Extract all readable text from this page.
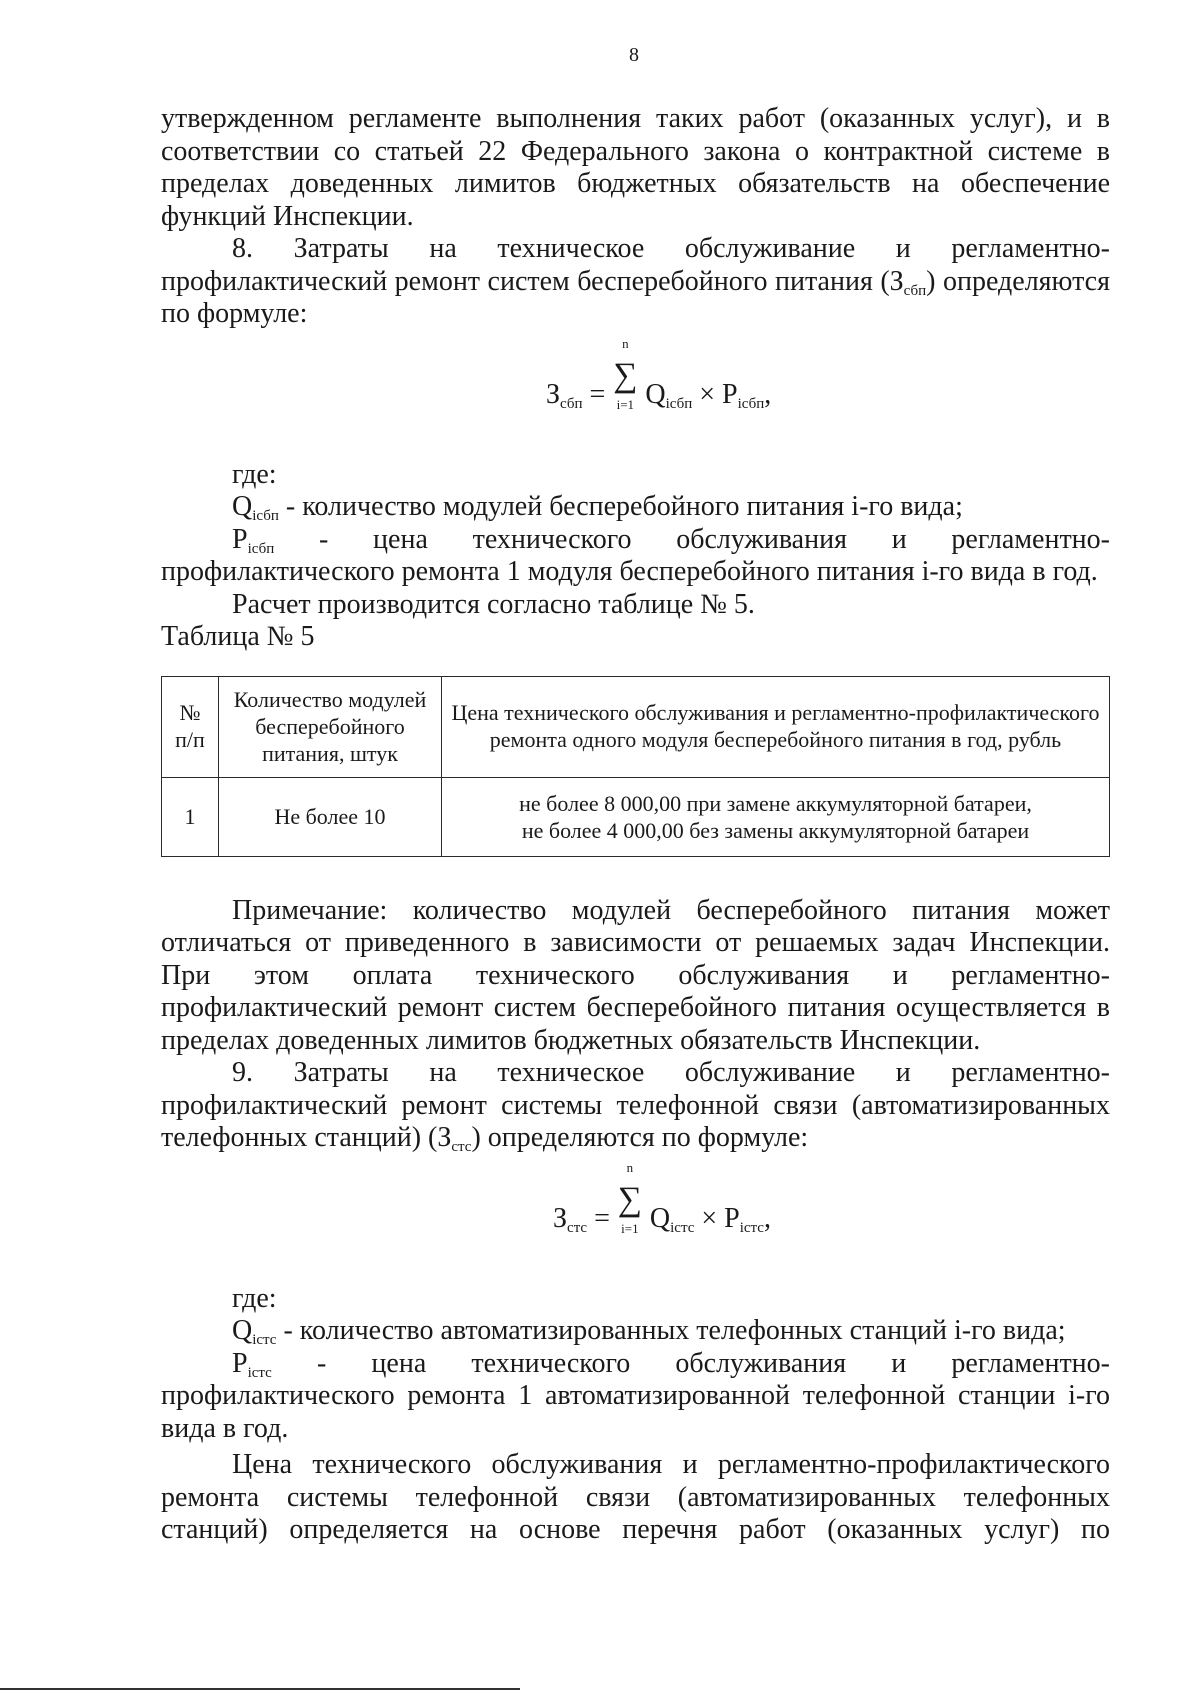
8

утвержденном регламенте выполнения таких работ (оказанных услуг), и в соответствии со статьей 22 Федерального закона о контрактной системе в пределах доведенных лимитов бюджетных обязательств на обеспечение функций Инспекции.

8. Затраты на техническое обслуживание и регламентно-профилактический ремонт систем бесперебойного питания $(З_{сбп})$ определяются по формуле:

$З_{сбп}$ =
n
∑
i=1 $Q_{iсбп} \times P_{iсбп}$,

где:

$Q_{iсбп}$ - количество модулей бесперебойного питания i-го вида;

$P_{iсбп}$ - цена технического обслуживания и регламентно-профилактического ремонта 1 модуля бесперебойного питания i-го вида в год.

Расчет производится согласно таблице № 5.

Таблица № 5

№ п/п	Количество модулей бесперебойного питания, штук	Цена технического обслуживания и регламентно-профилактического ремонта одного модуля бесперебойного питания в год, рубль
1	Не более 10	не более 8 000,00 при замене аккумуляторной батареи,
не более 4 000,00 без замены аккумуляторной батареи

Примечание: количество модулей бесперебойного питания может отличаться от приведенного в зависимости от решаемых задач Инспекции. При этом оплата технического обслуживания и регламентно-профилактический ремонт систем бесперебойного питания осуществляется в пределах доведенных лимитов бюджетных обязательств Инспекции.

9. Затраты на техническое обслуживание и регламентно-профилактический ремонт системы телефонной связи (автоматизированных телефонных станций) $(З_{стс})$ определяются по формуле:

$З_{стс}$ =
n
∑
i=1 $Q_{iстс} \times P_{iстс}$,

где:

$Q_{iстс}$ - количество автоматизированных телефонных станций i-го вида;

$P_{iстс}$ - цена технического обслуживания и регламентно-профилактического ремонта 1 автоматизированной телефонной станции i-го вида в год.

Цена технического обслуживания и регламентно-профилактического ремонта системы телефонной связи (автоматизированных телефонных станций) определяется на основе перечня работ (оказанных услуг) по
